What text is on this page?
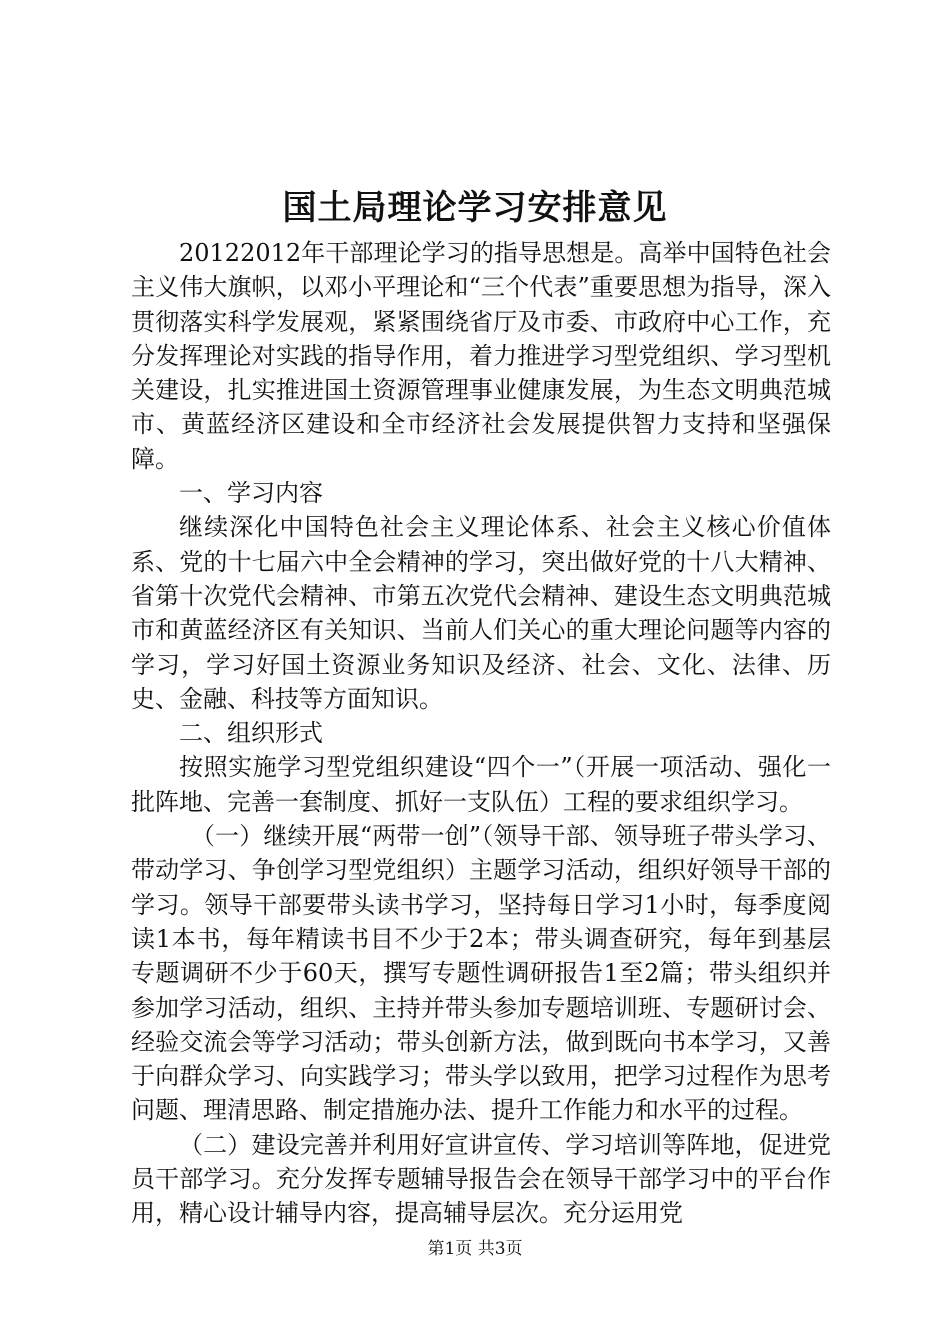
国土局理论学习安排意见

20122012年干部理论学习的指导思想是。高举中国特色社会主义伟大旗帜，以邓小平理论和“三个代表”重要思想为指导，深入贯彻落实科学发展观，紧紧围绕省厅及市委、市政府中心工作，充分发挥理论对实践的指导作用，着力推进学习型党组织、学习型机关建设，扎实推进国土资源管理事业健康发展，为生态文明典范城市、黄蓝经济区建设和全市经济社会发展提供智力支持和坚强保障。

一、学习内容

继续深化中国特色社会主义理论体系、社会主义核心价值体系、党的十七届六中全会精神的学习，突出做好党的十八大精神、省第十次党代会精神、市第五次党代会精神、建设生态文明典范城市和黄蓝经济区有关知识、当前人们关心的重大理论问题等内容的学习，学习好国土资源业务知识及经济、社会、文化、法律、历史、金融、科技等方面知识。

二、组织形式

按照实施学习型党组织建设“四个一”（开展一项活动、强化一批阵地、完善一套制度、抓好一支队伍）工程的要求组织学习。

（一）继续开展“两带一创”（领导干部、领导班子带头学习、带动学习、争创学习型党组织）主题学习活动，组织好领导干部的学习。领导干部要带头读书学习，坚持每日学习1小时，每季度阅读1本书，每年精读书目不少于2本；带头调查研究，每年到基层专题调研不少于60天，撰写专题性调研报告1至2篇；带头组织并参加学习活动，组织、主持并带头参加专题培训班、专题研讨会、经验交流会等学习活动；带头创新方法，做到既向书本学习，又善于向群众学习、向实践学习；带头学以致用，把学习过程作为思考问题、理清思路、制定措施办法、提升工作能力和水平的过程。

（二）建设完善并利用好宣讲宣传、学习培训等阵地，促进党员干部学习。充分发挥专题辅导报告会在领导干部学习中的平台作用，精心设计辅导内容，提高辅导层次。充分运用党

第1页 共3页
